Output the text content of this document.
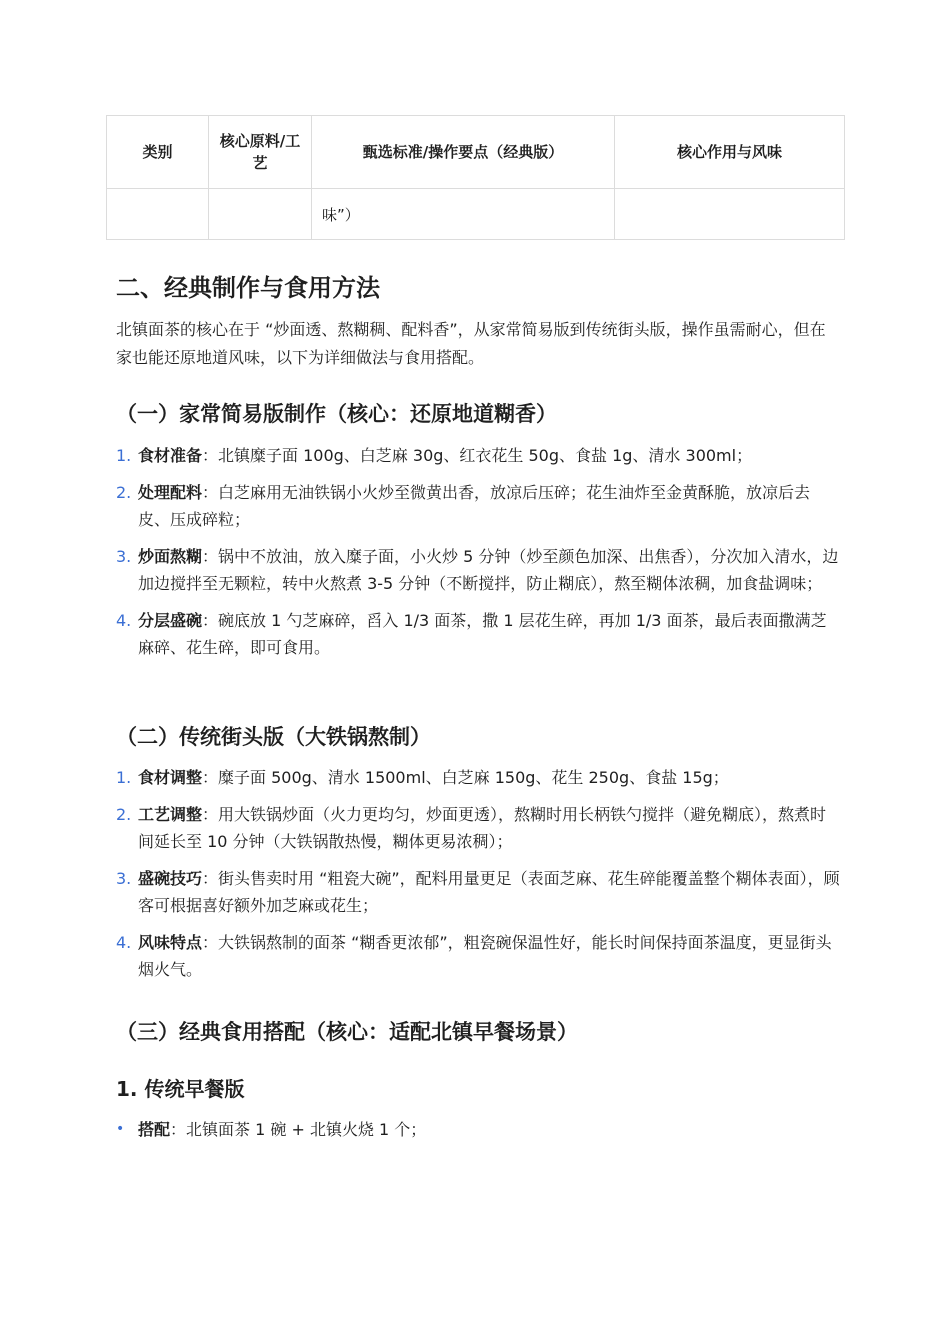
类别	核心原料/工艺	甄选标准/操作要点（经典版）	核心作用与风味
		味”）	
二、经典制作与食用方法

北镇面茶的核心在于 “炒面透、熬糊稠、配料香”，从家常简易版到传统街头版，操作虽需耐心，但在家也能还原地道风味，以下为详细做法与食用搭配。

（一）家常简易版制作（核心：还原地道糊香）
1. 食材准备：北镇糜子面 100g、白芝麻 30g、红衣花生 50g、食盐 1g、清水 300ml；
2. 处理配料：白芝麻用无油铁锅小火炒至微黄出香，放凉后压碎；花生油炸至金黄酥脆，放凉后去皮、压成碎粒；
3. 炒面熬糊：锅中不放油，放入糜子面，小火炒 5 分钟（炒至颜色加深、出焦香），分次加入清水，边加边搅拌至无颗粒，转中火熬煮 3-5 分钟（不断搅拌，防止糊底），熬至糊体浓稠，加食盐调味；
4. 分层盛碗：碗底放 1 勺芝麻碎，舀入 1/3 面茶，撒 1 层花生碎，再加 1/3 面茶，最后表面撒满芝麻碎、花生碎，即可食用。
（二）传统街头版（大铁锅熬制）
1. 食材调整：糜子面 500g、清水 1500ml、白芝麻 150g、花生 250g、食盐 15g；
2. 工艺调整：用大铁锅炒面（火力更均匀，炒面更透），熬糊时用长柄铁勺搅拌（避免糊底），熬煮时间延长至 10 分钟（大铁锅散热慢，糊体更易浓稠）；
3. 盛碗技巧：街头售卖时用 “粗瓷大碗”，配料用量更足（表面芝麻、花生碎能覆盖整个糊体表面），顾客可根据喜好额外加芝麻或花生；
4. 风味特点：大铁锅熬制的面茶 “糊香更浓郁”，粗瓷碗保温性好，能长时间保持面茶温度，更显街头烟火气。
（三）经典食用搭配（核心：适配北镇早餐场景）
1. 传统早餐版
• 搭配：北镇面茶 1 碗 + 北镇火烧 1 个；
